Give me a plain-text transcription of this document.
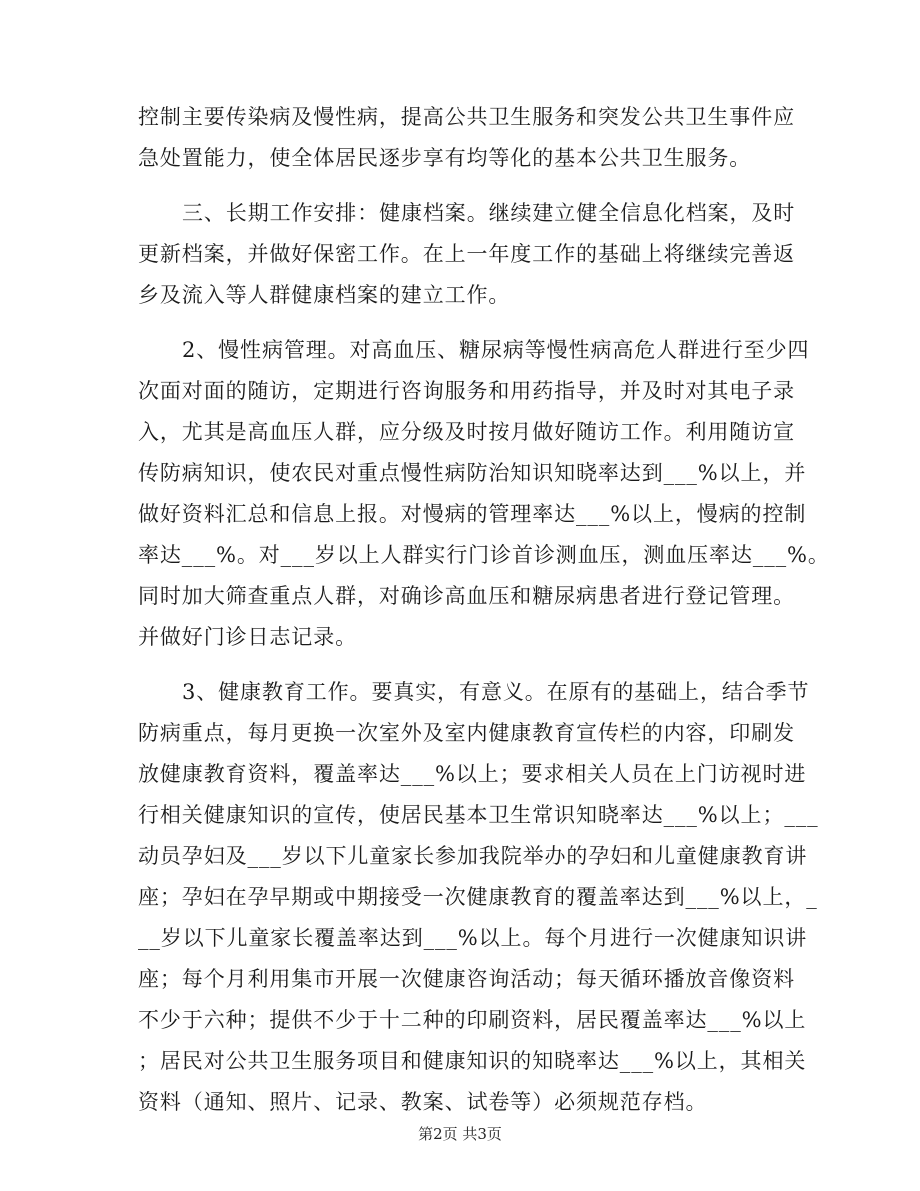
控制主要传染病及慢性病，提高公共卫生服务和突发公共卫生事件应
急处置能力，使全体居民逐步享有均等化的基本公共卫生服务。
三、长期工作安排：健康档案。继续建立健全信息化档案，及时
更新档案，并做好保密工作。在上一年度工作的基础上将继续完善返
乡及流入等人群健康档案的建立工作。
2、慢性病管理。对高血压、糖尿病等慢性病高危人群进行至少四
次面对面的随访，定期进行咨询服务和用药指导，并及时对其电子录
入，尤其是高血压人群，应分级及时按月做好随访工作。利用随访宣
传防病知识，使农民对重点慢性病防治知识知晓率达到___%以上，并
做好资料汇总和信息上报。对慢病的管理率达___%以上，慢病的控制
率达___%。对___岁以上人群实行门诊首诊测血压，测血压率达___%。
同时加大筛查重点人群，对确诊高血压和糖尿病患者进行登记管理。
并做好门诊日志记录。
3、健康教育工作。要真实，有意义。在原有的基础上，结合季节
防病重点，每月更换一次室外及室内健康教育宣传栏的内容，印刷发
放健康教育资料，覆盖率达___%以上；要求相关人员在上门访视时进
行相关健康知识的宣传，使居民基本卫生常识知晓率达___%以上；___
动员孕妇及___岁以下儿童家长参加我院举办的孕妇和儿童健康教育讲
座；孕妇在孕早期或中期接受一次健康教育的覆盖率达到___%以上，_
__岁以下儿童家长覆盖率达到___%以上。每个月进行一次健康知识讲
座；每个月利用集市开展一次健康咨询活动；每天循环播放音像资料
不少于六种；提供不少于十二种的印刷资料，居民覆盖率达___%以上
；居民对公共卫生服务项目和健康知识的知晓率达___%以上，其相关
资料（通知、照片、记录、教案、试卷等）必须规范存档。
第2页 共3页
